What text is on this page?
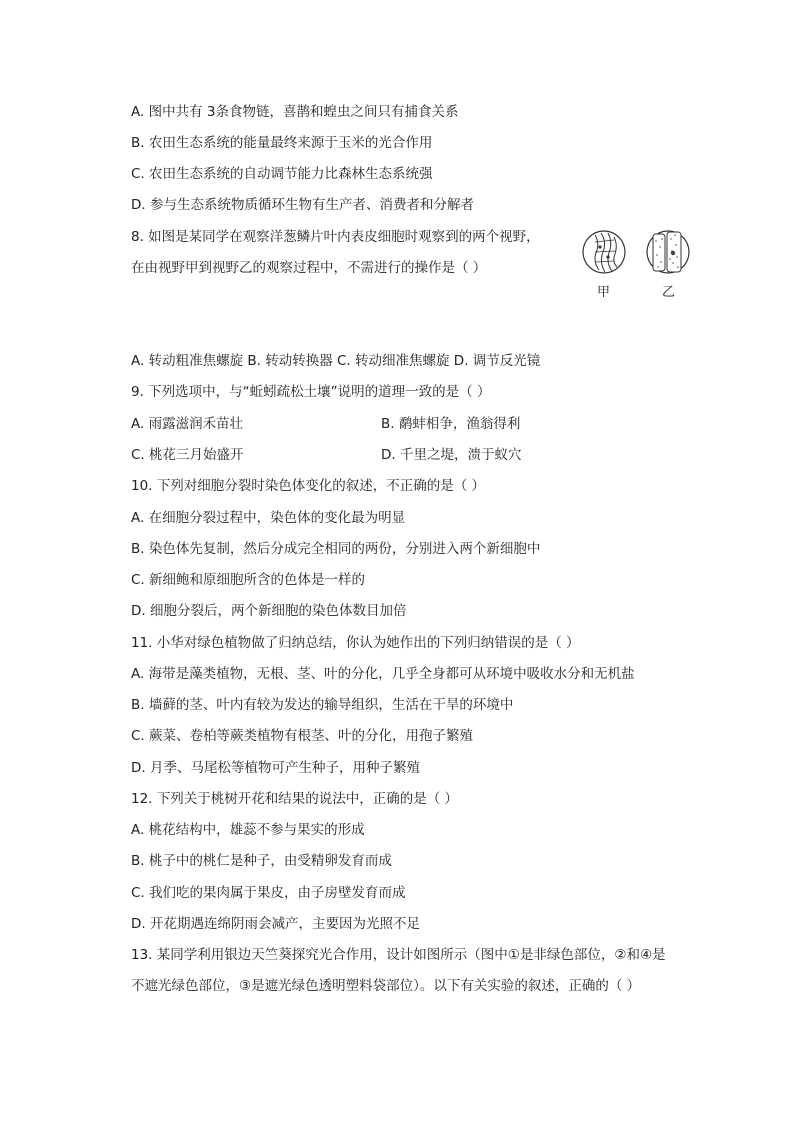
A. 图中共有 3条食物链，喜鹊和蝗虫之间只有捕食关系
B. 农田生态系统的能量最终来源于玉米的光合作用
C. 农田生态系统的自动调节能力比森林生态系统强
D. 参与生态系统物质循环生物有生产者、消费者和分解者
8. 如图是某同学在观察洋葱鳞片叶内表皮细胞时观察到的两个视野，
在由视野甲到视野乙的观察过程中，不需进行的操作是（ ）
甲	乙
A. 转动粗准焦螺旋 B. 转动转换器 C. 转动细准焦螺旋 D. 调节反光镜
9. 下列选项中，与“蚯蚓疏松土壤”说明的道理一致的是（ ）
A. 雨露滋润禾苗壮	B. 鹬蚌相争，渔翁得利
C. 桃花三月始盛开	D. 千里之堤，溃于蚁穴
10. 下列对细胞分裂时染色体变化的叙述，不正确的是（ ）
A. 在细胞分裂过程中，染色体的变化最为明显
B. 染色体先复制，然后分成完全相同的两份，分别进入两个新细胞中
C. 新细鲍和原细胞所含的色体是一样的
D. 细胞分裂后，两个新细胞的染色体数目加倍
11. 小华对绿色植物做了归纳总结，你认为她作出的下列归纳错误的是（ ）
A. 海带是藻类植物，无根、茎、叶的分化，几乎全身都可从环境中吸收水分和无机盐
B. 墙藓的茎、叶内有较为发达的输导组织，生活在干旱的环境中
C. 蕨菜、卷柏等蕨类植物有根茎、叶的分化，用孢子繁殖
D. 月季、马尾松等植物可产生种子，用种子繁殖
12. 下列关于桃树开花和结果的说法中，正确的是（ ）
A. 桃花结构中，雄蕊不参与果实的形成
B. 桃子中的桃仁是种子，由受精卵发育而成
C. 我们吃的果肉属于果皮，由子房壁发育而成
D. 开花期遇连绵阴雨会减产，主要因为光照不足
13. 某同学利用银边天竺葵探究光合作用，设计如图所示（图中①是非绿色部位，②和④是
不遮光绿色部位，③是遮光绿色透明塑料袋部位）。以下有关实验的叙述，正确的（ ）
